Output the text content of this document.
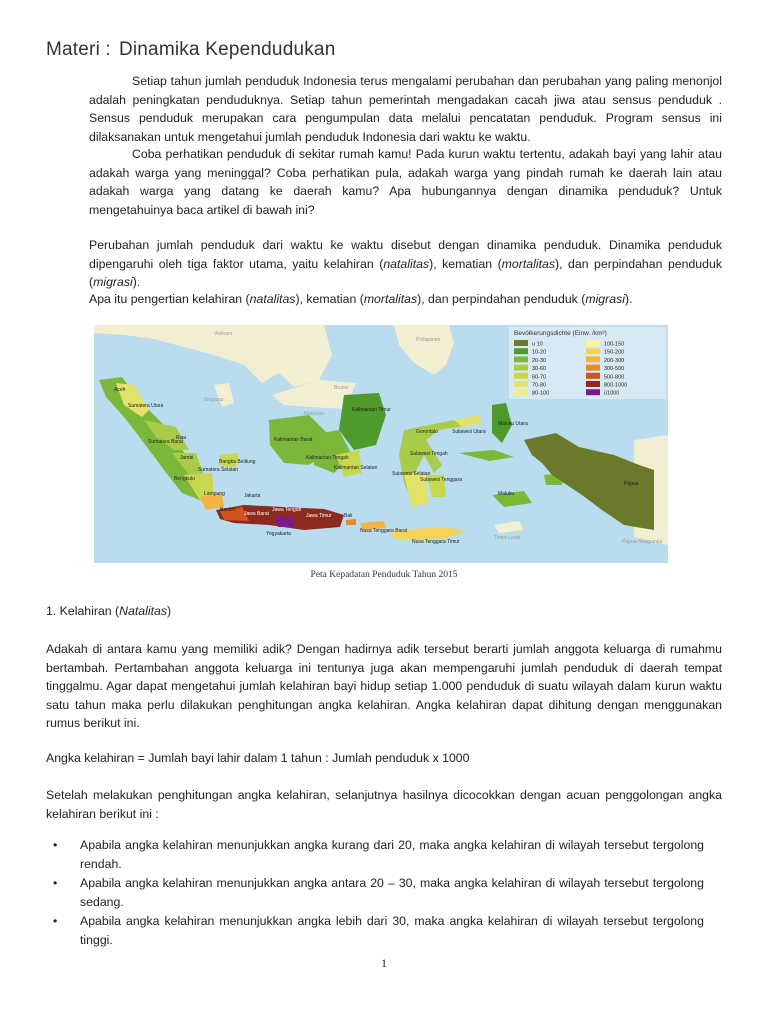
Materi : Dinamika Kependudukan
Setiap tahun jumlah penduduk Indonesia terus mengalami perubahan dan perubahan yang paling menonjol adalah peningkatan penduduknya. Setiap tahun pemerintah mengadakan cacah jiwa atau sensus penduduk . Sensus penduduk merupakan cara pengumpulan data melalui pencatatan penduduk. Program sensus ini dilaksanakan untuk mengetahui jumlah penduduk Indonesia dari waktu ke waktu.
Coba perhatikan penduduk di sekitar rumah kamu! Pada kurun waktu tertentu, adakah bayi yang lahir atau adakah warga yang meninggal? Coba perhatikan pula, adakah warga yang pindah rumah ke daerah lain atau adakah warga yang datang ke daerah kamu? Apa hubungannya dengan dinamika penduduk? Untuk mengetahuinya baca artikel di bawah ini?
Perubahan jumlah penduduk dari waktu ke waktu disebut dengan dinamika penduduk. Dinamika penduduk dipengaruhi oleh tiga faktor utama, yaitu kelahiran (natalitas), kematian (mortalitas), dan perpindahan penduduk (migrasi).
Apa itu pengertian kelahiran (natalitas), kematian (mortalitas), dan perpindahan penduduk (migrasi).
Bevölkerungsdichte (Einw. /km²)
u 10
10-20
20-30
30-60
60-70
70-80
80-100
100-150
150-200
200-300
300-500
500-800
800-1000
ü1000
Aceh
Sumatera Utara
Riau
Sumatera Barat
Jambi
Bengkulu
Sumatera Selatan
Bangka Belitung
Lampung	Jakarta
Banten
Jawa Barat
Jawa Tengah
Jawa Timur
Yogyakarta
Bali
Nusa Tenggara Barat
Nusa Tenggara Timur
Kalimantan Barat
Kalimantan Tengah
Kalimantan Selatan
Kalimantan Timur
Gorontalo	Sulawesi Utara
Sulawesi Tengah
Sulawesi Selatan
Sulawesi Tenggara
Maluku Utara
Maluku
Papua
Philippinen
Malaysia
Vietnam
Singapur
Brunei
Timor-Leste
Papua-Neuguinea
Peta Kepadatan Penduduk Tahun 2015
1. Kelahiran (Natalitas)
Adakah di antara kamu yang memiliki adik? Dengan hadirnya adik tersebut berarti jumlah anggota keluarga di rumahmu bertambah. Pertambahan anggota keluarga ini tentunya juga akan mempengaruhi jumlah penduduk di daerah tempat tinggalmu. Agar dapat mengetahui jumlah kelahiran bayi hidup setiap 1.000 penduduk di suatu wilayah dalam kurun waktu satu tahun maka perlu dilakukan penghitungan angka kelahiran. Angka kelahiran dapat dihitung dengan menggunakan rumus berikut ini.
Angka kelahiran = Jumlah bayi lahir dalam 1 tahun : Jumlah penduduk x 1000
Setelah melakukan penghitungan angka kelahiran, selanjutnya hasilnya dicocokkan dengan acuan penggolongan angka kelahiran berikut ini :
• Apabila angka kelahiran menunjukkan angka kurang dari 20, maka angka kelahiran di wilayah tersebut tergolong rendah.
• Apabila angka kelahiran menunjukkan angka antara 20 – 30, maka angka kelahiran di wilayah tersebut tergolong sedang.
• Apabila angka kelahiran menunjukkan angka lebih dari 30, maka angka kelahiran di wilayah tersebut tergolong tinggi.
1
